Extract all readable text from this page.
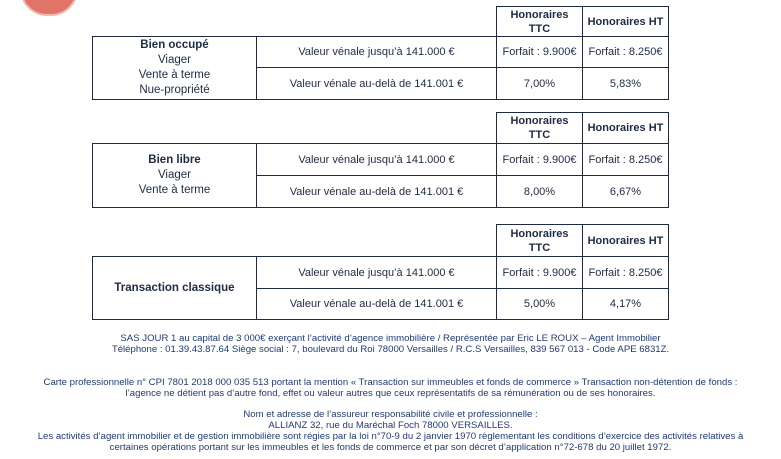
		Honoraires TTC	Honoraires HT

Bien occupé
Viager
Vente à terme
Nue-propriété	Valeur vénale jusqu’à 141.000 €	Forfait : 9.900€	Forfait : 8.250€
	Valeur vénale au-delà de 141.001 €	7,00%	5,83%
		Honoraires TTC	Honoraires HT

Bien libre
Viager
Vente à terme	Valeur vénale jusqu’à 141.000 €	Forfait : 9.900€	Forfait : 8.250€
	Valeur vénale au-delà de 141.001 €	8,00%	6,67%
		Honoraires TTC	Honoraires HT

Transaction classique	Valeur vénale jusqu’à 141.000 €	Forfait : 9.900€	Forfait : 8.250€
	Valeur vénale au-delà de 141.001 €	5,00%	4,17%
SAS JOUR 1 au capital de 3 000€ exerçant l’activité d’agence immobilière / Représentée par Eric LE ROUX – Agent Immobilier
Téléphone : 01.39.43.87.64 Siège social : 7, boulevard du Roi 78000 Versailles / R.C.S Versailles, 839 567 013 - Code APE 6831Z.
Carte professionnelle n° CPI 7801 2018 000 035 513 portant la mention « Transaction sur immeubles et fonds de commerce » Transaction non-détention de fonds :
l’agence ne détient pas d’autre fond, effet ou valeur autres que ceux représentatifs de sa rémunération ou de ses honoraires.
Nom et adresse de l’assureur responsabilité civile et professionnelle :
ALLIANZ 32, rue du Maréchal Foch 78000 VERSAILLES.
Les activités d’agent immobilier et de gestion immobilière sont régies par la loi n°70-9 du 2 janvier 1970 règlementant les conditions d’exercice des activités relatives à
certaines opérations portant sur les immeubles et les fonds de commerce et par son décret d’application n°72-678 du 20 juillet 1972.
